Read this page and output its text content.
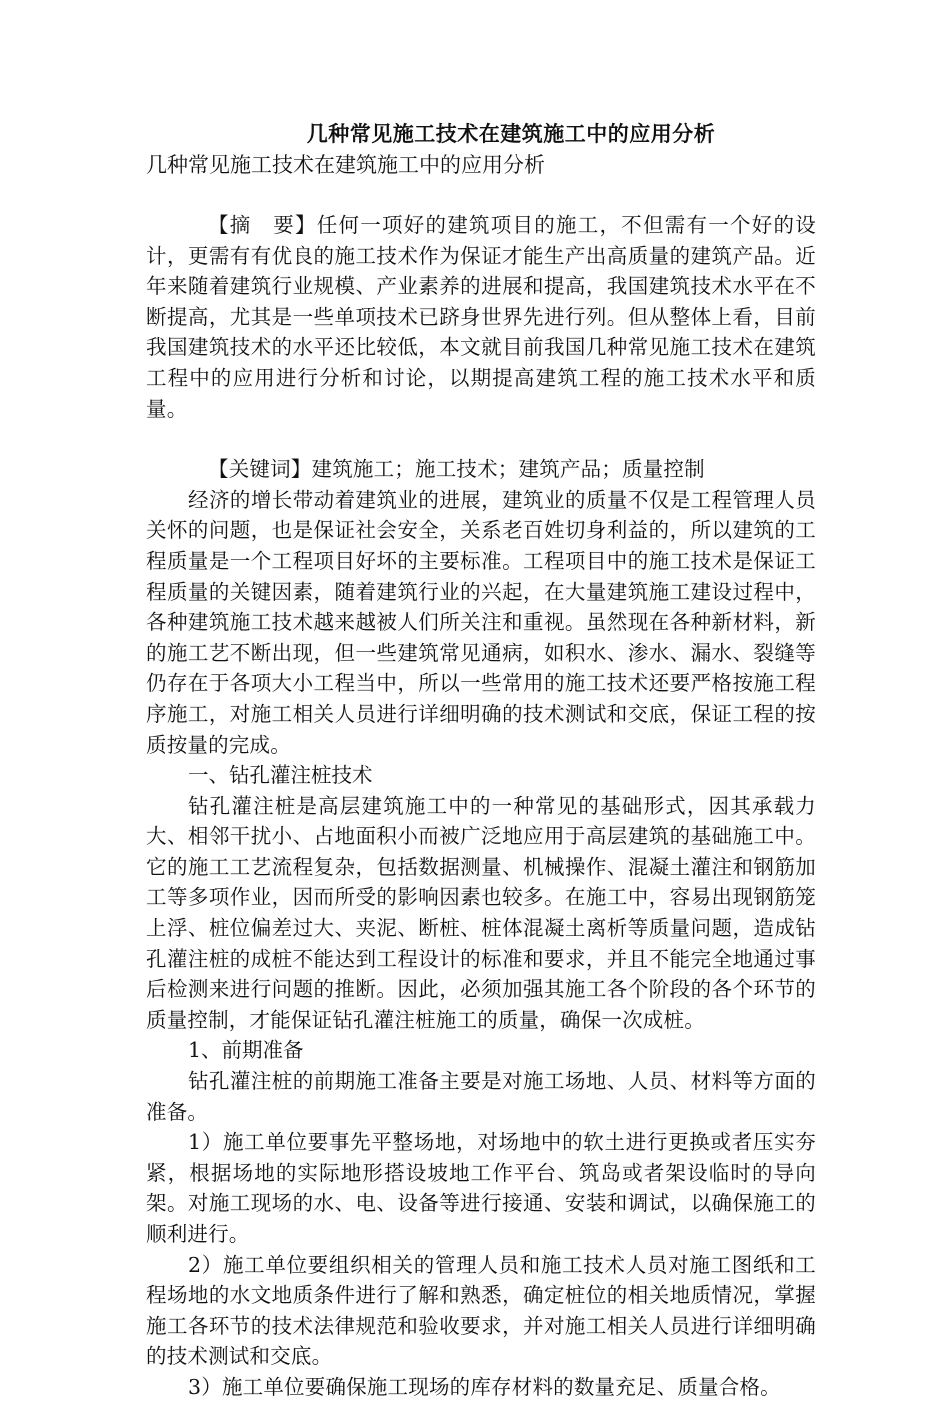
几种常见施工技术在建筑施工中的应用分析

几种常见施工技术在建筑施工中的应用分析

【摘　要】任何一项好的建筑项目的施工，不但需有一个好的设计，更需有有优良的施工技术作为保证才能生产出高质量的建筑产品。近年来随着建筑行业规模、产业素养的进展和提高，我国建筑技术水平在不断提高，尤其是一些单项技术已跻身世界先进行列。但从整体上看，目前我国建筑技术的水平还比较低，本文就目前我国几种常见施工技术在建筑工程中的应用进行分析和讨论，以期提高建筑工程的施工技术水平和质量。

【关键词】建筑施工；施工技术；建筑产品；质量控制

经济的增长带动着建筑业的进展，建筑业的质量不仅是工程管理人员关怀的问题，也是保证社会安全，关系老百姓切身利益的，所以建筑的工程质量是一个工程项目好坏的主要标准。工程项目中的施工技术是保证工程质量的关键因素，随着建筑行业的兴起，在大量建筑施工建设过程中，各种建筑施工技术越来越被人们所关注和重视。虽然现在各种新材料，新的施工艺不断出现，但一些建筑常见通病，如积水、渗水、漏水、裂缝等仍存在于各项大小工程当中，所以一些常用的施工技术还要严格按施工程序施工，对施工相关人员进行详细明确的技术测试和交底，保证工程的按质按量的完成。

一、钻孔灌注桩技术

钻孔灌注桩是高层建筑施工中的一种常见的基础形式，因其承载力大、相邻干扰小、占地面积小而被广泛地应用于高层建筑的基础施工中。它的施工工艺流程复杂，包括数据测量、机械操作、混凝土灌注和钢筋加工等多项作业，因而所受的影响因素也较多。在施工中，容易出现钢筋笼上浮、桩位偏差过大、夹泥、断桩、桩体混凝土离析等质量问题，造成钻孔灌注桩的成桩不能达到工程设计的标准和要求，并且不能完全地通过事后检测来进行问题的推断。因此，必须加强其施工各个阶段的各个环节的质量控制，才能保证钻孔灌注桩施工的质量，确保一次成桩。

1、前期准备

钻孔灌注桩的前期施工准备主要是对施工场地、人员、材料等方面的准备。

1）施工单位要事先平整场地，对场地中的软土进行更换或者压实夯紧，根据场地的实际地形搭设坡地工作平台、筑岛或者架设临时的导向架。对施工现场的水、电、设备等进行接通、安装和调试，以确保施工的顺利进行。

2）施工单位要组织相关的管理人员和施工技术人员对施工图纸和工程场地的水文地质条件进行了解和熟悉，确定桩位的相关地质情况，掌握施工各环节的技术法律规范和验收要求，并对施工相关人员进行详细明确的技术测试和交底。

3）施工单位要确保施工现场的库存材料的数量充足、质量合格。
